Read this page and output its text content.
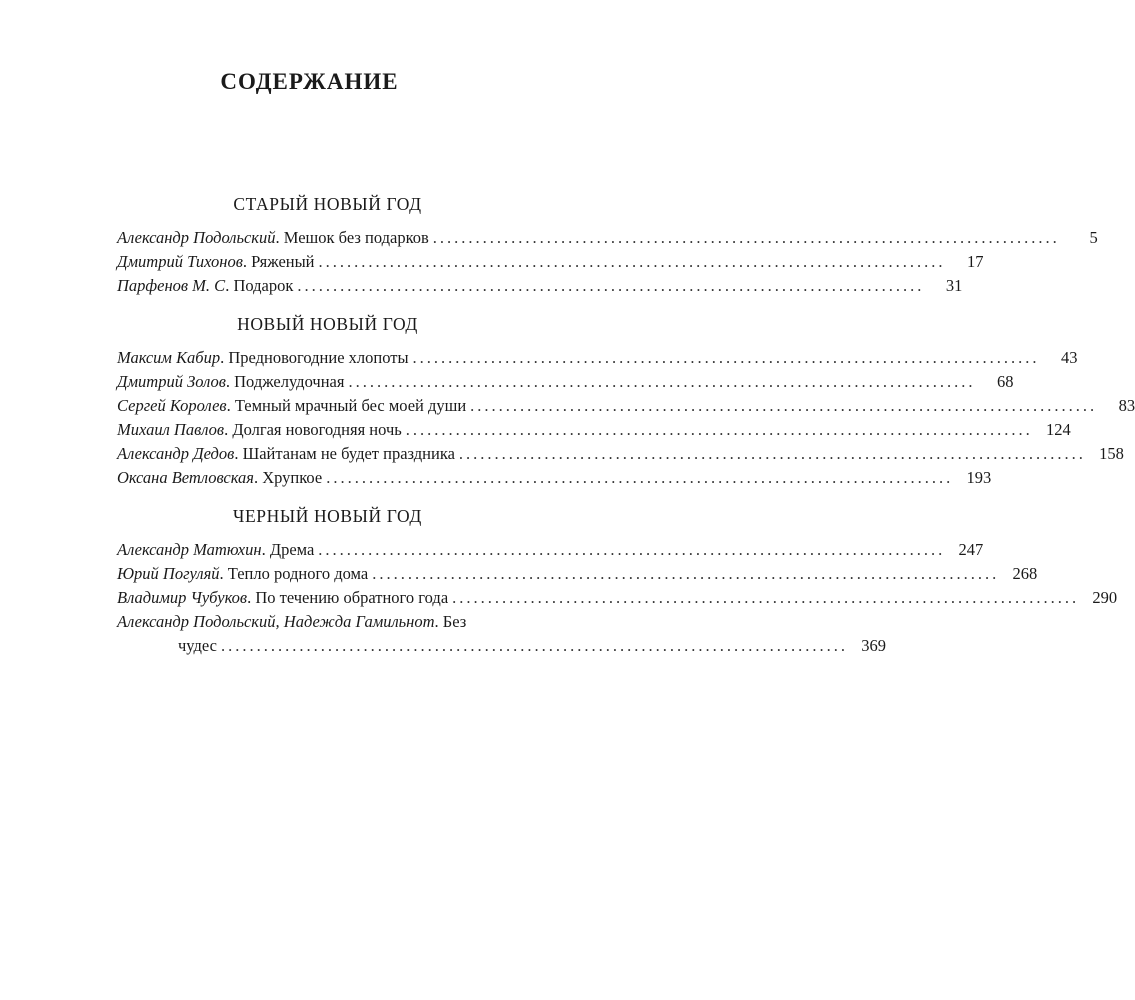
СОДЕРЖАНИЕ
СТАРЫЙ НОВЫЙ ГОД
Александр Подольский . Мешок без подарков ........................................................................................	5
Дмитрий Тихонов . Ряженый ........................................................................................	17
Парфенов М. С . Подарок ........................................................................................	31
НОВЫЙ НОВЫЙ ГОД
Максим Кабир . Предновогодние хлопоты ........................................................................................	43
Дмитрий Золов . Поджелудочная ........................................................................................	68
Сергей Королев . Темный мрачный бес моей души ........................................................................................	83
Михаил Павлов . Долгая новогодняя ночь ........................................................................................ 124
Александр Дедов . Шайтанам не будет праздника ........................................................................................ 158
Оксана Ветловская . Хрупкое ........................................................................................ 193
ЧЕРНЫЙ НОВЫЙ ГОД
Александр Матюхин . Дрема ........................................................................................ 247
Юрий Погуляй . Тепло родного дома ........................................................................................ 268
Владимир Чубуков . По течению обратного года ........................................................................................ 290
Александр Подольский, Надежда Гамильнот. Без
чудес ........................................................................................ 369
